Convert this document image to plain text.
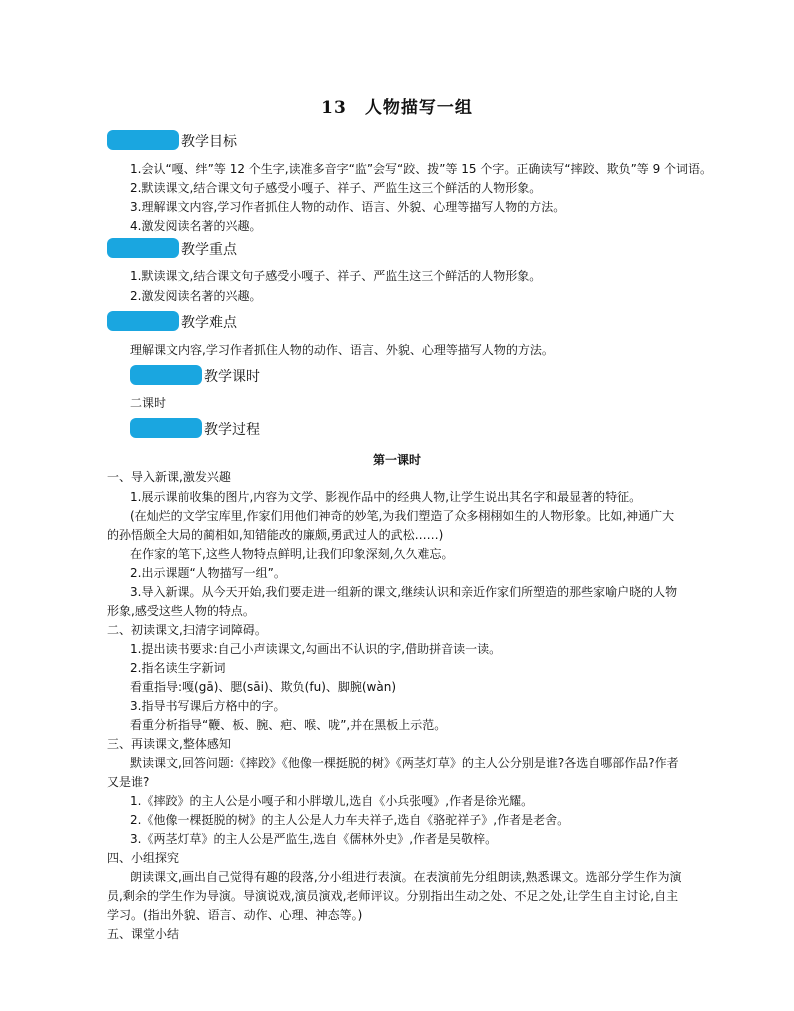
13　人物描写一组
教学目标
1.会认“嘎、绊”等 12 个生字,读准多音字“监”会写“跤、拨”等 15 个字。正确读写“摔跤、欺负”等 9 个词语。
2.默读课文,结合课文句子感受小嘎子、祥子、严监生这三个鲜活的人物形象。
3.理解课文内容,学习作者抓住人物的动作、语言、外貌、心理等描写人物的方法。
4.激发阅读名著的兴趣。
教学重点
1.默读课文,结合课文句子感受小嘎子、祥子、严监生这三个鲜活的人物形象。
2.激发阅读名著的兴趣。
教学难点
理解课文内容,学习作者抓住人物的动作、语言、外貌、心理等描写人物的方法。
教学课时
二课时
教学过程
第一课时
一、导入新课,激发兴趣
1.展示课前收集的图片,内容为文学、影视作品中的经典人物,让学生说出其名字和最显著的特征。
(在灿烂的文学宝库里,作家们用他们神奇的妙笔,为我们塑造了众多栩栩如生的人物形象。比如,神通广大
的孙悟颇全大局的蔺相如,知错能改的廉颇,勇武过人的武松……)
在作家的笔下,这些人物特点鲜明,让我们印象深刻,久久难忘。
2.出示课题“人物描写一组”。
3.导入新课。从今天开始,我们要走进一组新的课文,继续认识和亲近作家们所塑造的那些家喻户晓的人物
形象,感受这些人物的特点。
二、初读课文,扫清字词障碍。
1.提出读书要求:自己小声读课文,勾画出不认识的字,借助拼音读一读。
2.指名读生字新词
看重指导:嘎(gā)、腮(sāi)、欺负(fu)、脚腕(wàn)
3.指导书写课后方格中的字。
看重分析指导“鞭、板、腕、疤、喉、咙”,并在黑板上示范。
三、再读课文,整体感知
默读课文,回答问题:《摔跤》《他像一棵挺脱的树》《两茎灯草》的主人公分别是谁?各选自哪部作品?作者
又是谁?
1.《摔跤》的主人公是小嘎子和小胖墩儿,选自《小兵张嘎》,作者是徐光耀。
2.《他像一棵挺脱的树》的主人公是人力车夫祥子,选自《骆驼祥子》,作者是老舍。
3.《两茎灯草》的主人公是严监生,选自《儒林外史》,作者是吴敬梓。
四、小组探究
朗读课文,画出自己觉得有趣的段落,分小组进行表演。在表演前先分组朗读,熟悉课文。选部分学生作为演
员,剩余的学生作为导演。导演说戏,演员演戏,老师评议。分别指出生动之处、不足之处,让学生自主讨论,自主
学习。(指出外貌、语言、动作、心理、神态等。)
五、课堂小结
